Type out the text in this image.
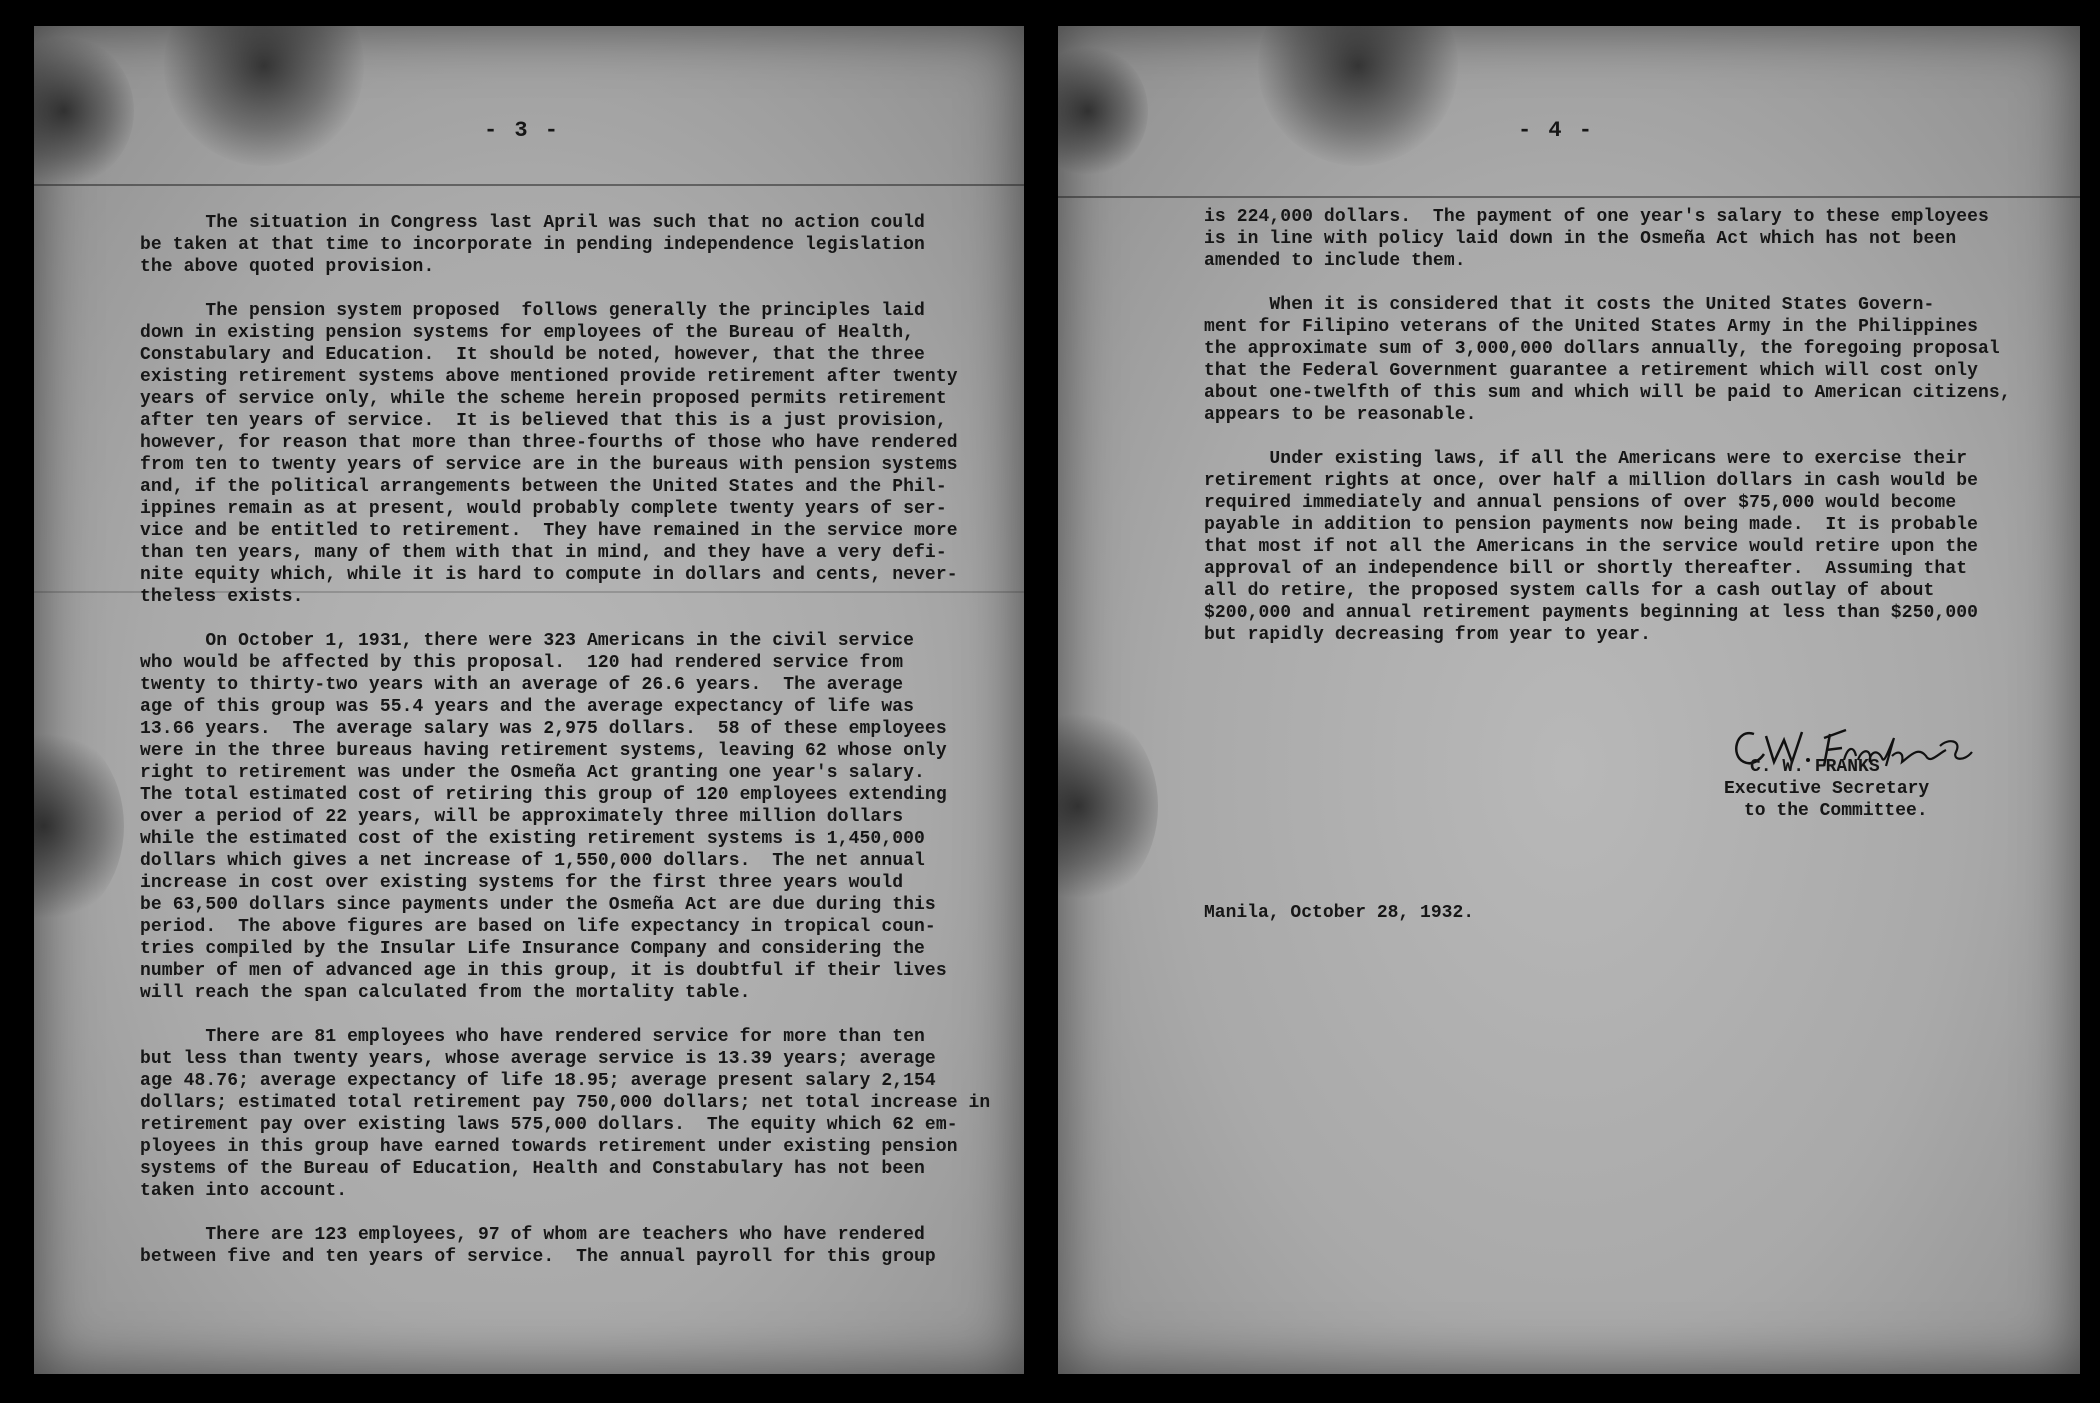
- 3 -
The situation in Congress last April was such that no action could
be taken at that time to incorporate in pending independence legislation
the above quoted provision.
The pension system proposed  follows generally the principles laid
down in existing pension systems for employees of the Bureau of Health,
Constabulary and Education.  It should be noted, however, that the three
existing retirement systems above mentioned provide retirement after twenty
years of service only, while the scheme herein proposed permits retirement
after ten years of service.  It is believed that this is a just provision,
however, for reason that more than three-fourths of those who have rendered
from ten to twenty years of service are in the bureaus with pension systems
and, if the political arrangements between the United States and the Phil-
ippines remain as at present, would probably complete twenty years of ser-
vice and be entitled to retirement.  They have remained in the service more
than ten years, many of them with that in mind, and they have a very defi-
nite equity which, while it is hard to compute in dollars and cents, never-
theless exists.
On October 1, 1931, there were 323 Americans in the civil service
who would be affected by this proposal.  120 had rendered service from
twenty to thirty-two years with an average of 26.6 years.  The average
age of this group was 55.4 years and the average expectancy of life was
13.66 years.  The average salary was 2,975 dollars.  58 of these employees
were in the three bureaus having retirement systems, leaving 62 whose only
right to retirement was under the Osmeña Act granting one year's salary.
The total estimated cost of retiring this group of 120 employees extending
over a period of 22 years, will be approximately three million dollars
while the estimated cost of the existing retirement systems is 1,450,000
dollars which gives a net increase of 1,550,000 dollars.  The net annual
increase in cost over existing systems for the first three years would
be 63,500 dollars since payments under the Osmeña Act are due during this
period.  The above figures are based on life expectancy in tropical coun-
tries compiled by the Insular Life Insurance Company and considering the
number of men of advanced age in this group, it is doubtful if their lives
will reach the span calculated from the mortality table.
There are 81 employees who have rendered service for more than ten
but less than twenty years, whose average service is 13.39 years; average
age 48.76; average expectancy of life 18.95; average present salary 2,154
dollars; estimated total retirement pay 750,000 dollars; net total increase in
retirement pay over existing laws 575,000 dollars.  The equity which 62 em-
ployees in this group have earned towards retirement under existing pension
systems of the Bureau of Education, Health and Constabulary has not been
taken into account.
There are 123 employees, 97 of whom are teachers who have rendered
between five and ten years of service.  The annual payroll for this group
- 4 -
is 224,000 dollars.  The payment of one year's salary to these employees
is in line with policy laid down in the Osmeña Act which has not been
amended to include them.
When it is considered that it costs the United States Govern-
ment for Filipino veterans of the United States Army in the Philippines
the approximate sum of 3,000,000 dollars annually, the foregoing proposal
that the Federal Government guarantee a retirement which will cost only
about one-twelfth of this sum and which will be paid to American citizens,
appears to be reasonable.
Under existing laws, if all the Americans were to exercise their
retirement rights at once, over half a million dollars in cash would be
required immediately and annual pensions of over $75,000 would become
payable in addition to pension payments now being made.  It is probable
that most if not all the Americans in the service would retire upon the
approval of an independence bill or shortly thereafter.  Assuming that
all do retire, the proposed system calls for a cash outlay of about
$200,000 and annual retirement payments beginning at less than $250,000
but rapidly decreasing from year to year.
C. W. FRANKS
Executive Secretary
to the Committee.
Manila, October 28, 1932.
